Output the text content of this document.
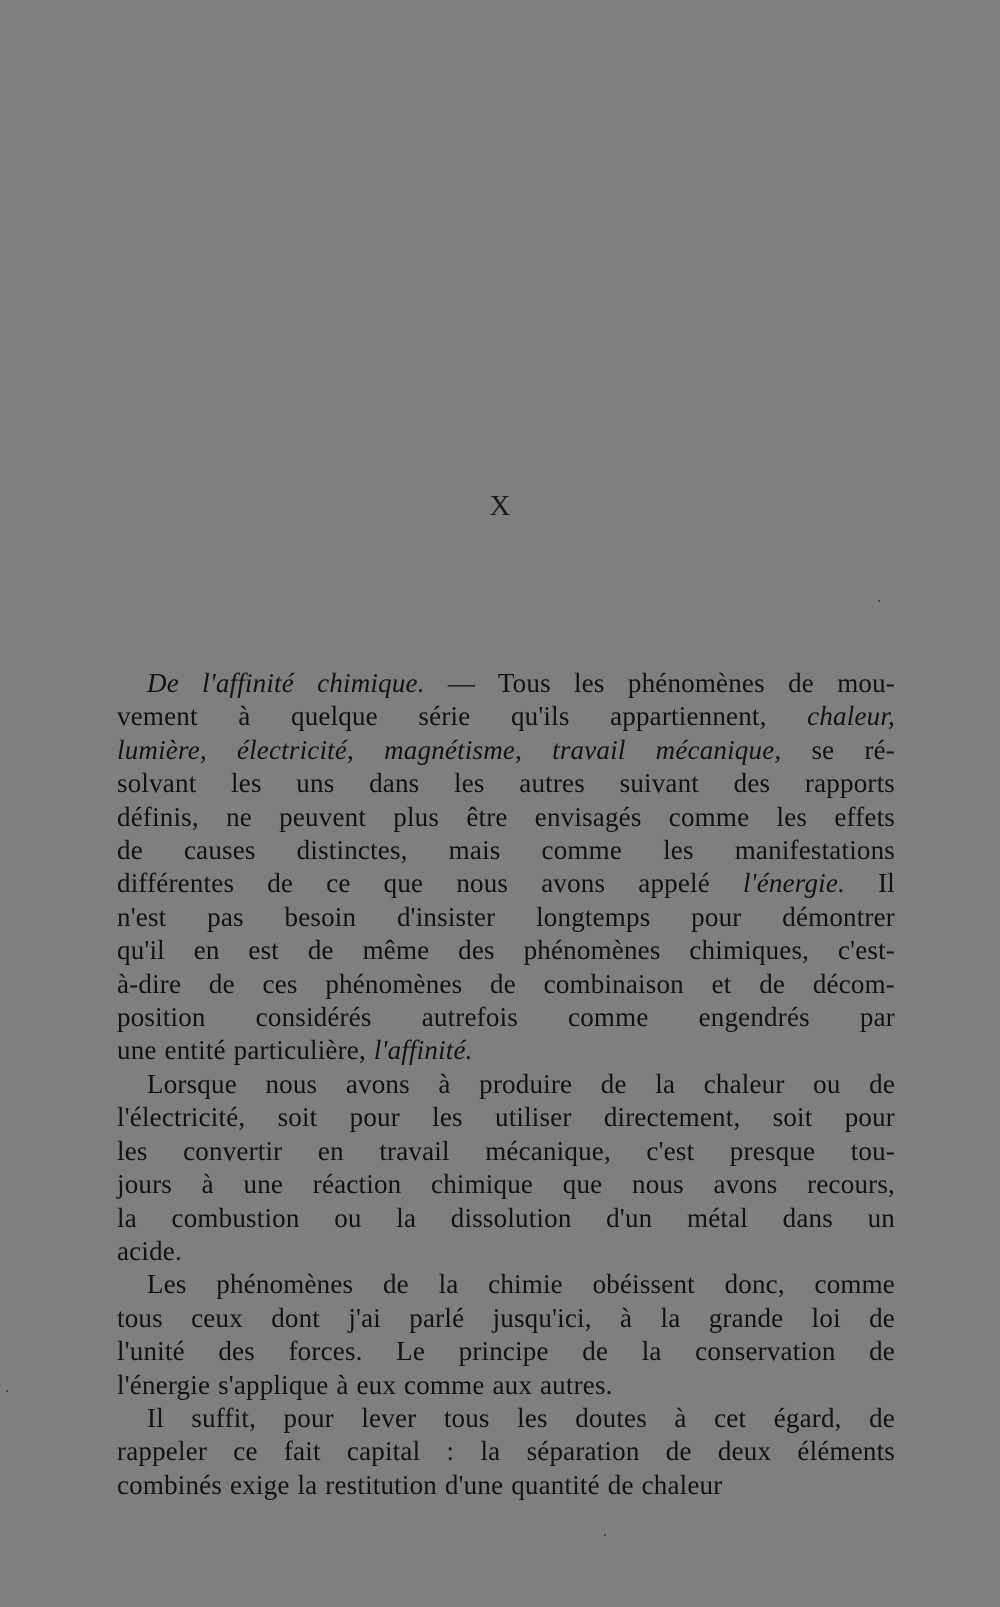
X

De l'affinité chimique. — Tous les phénomènes de mou-
vement à quelque série qu'ils appartiennent, chaleur,
lumière, électricité, magnétisme, travail mécanique, se ré-
solvant les uns dans les autres suivant des rapports
définis, ne peuvent plus être envisagés comme les effets
de causes distinctes, mais comme les manifestations
différentes de ce que nous avons appelé l'énergie. Il
n'est pas besoin d'insister longtemps pour démontrer
qu'il en est de même des phénomènes chimiques, c'est-
à-dire de ces phénomènes de combinaison et de décom-
position considérés autrefois comme engendrés par
une entité particulière, l'affinité.

Lorsque nous avons à produire de la chaleur ou de
l'électricité, soit pour les utiliser directement, soit pour
les convertir en travail mécanique, c'est presque tou-
jours à une réaction chimique que nous avons recours,
la combustion ou la dissolution d'un métal dans un
acide.

Les phénomènes de la chimie obéissent donc, comme
tous ceux dont j'ai parlé jusqu'ici, à la grande loi de
l'unité des forces. Le principe de la conservation de
l'énergie s'applique à eux comme aux autres.

Il suffit, pour lever tous les doutes à cet égard, de
rappeler ce fait capital : la séparation de deux éléments
combinés exige la restitution d'une quantité de chaleur
